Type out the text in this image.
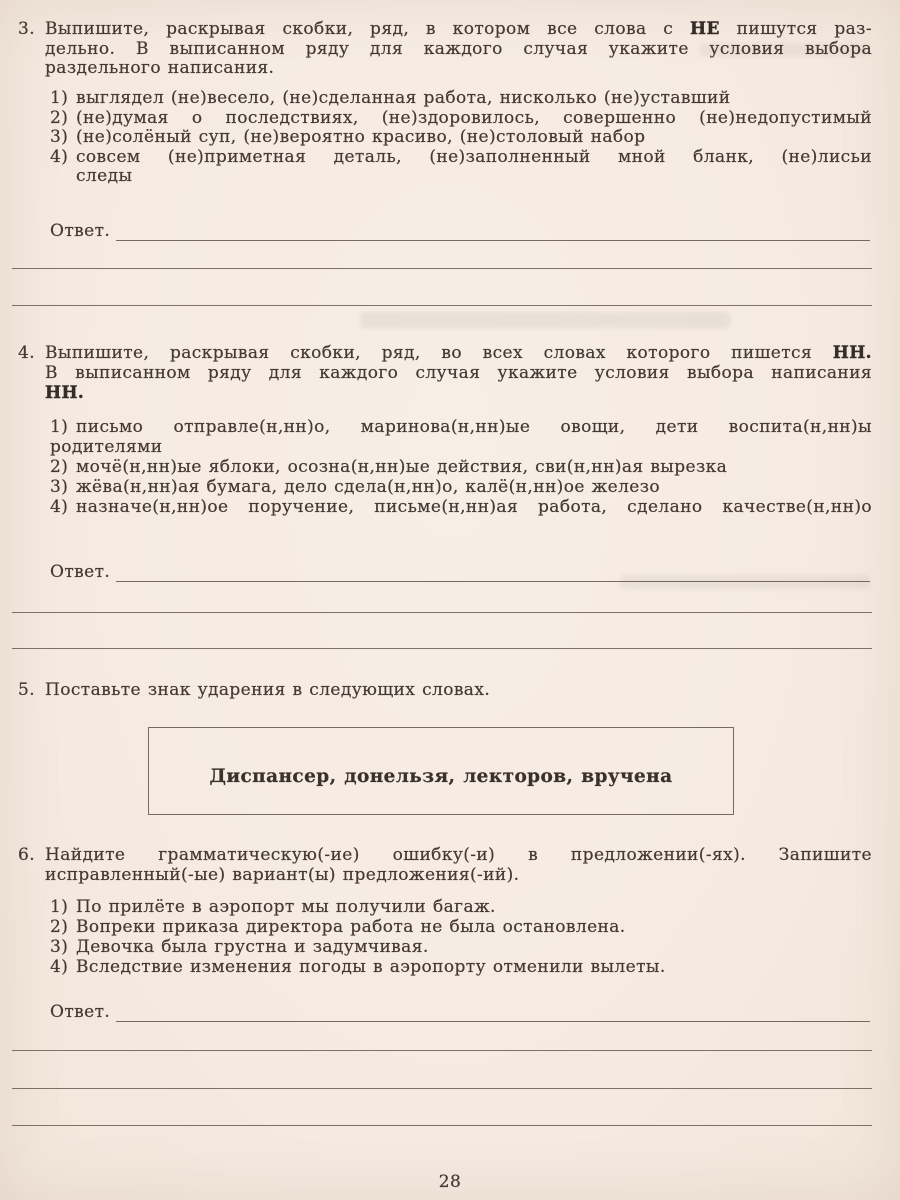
3. Выпишите, раскрывая скобки, ряд, в котором все слова с НЕ пишутся раз-
дельно. В выписанном ряду для каждого случая укажите условия выбора
раздельного написания.
1) выглядел (не)весело, (не)сделанная работа, нисколько (не)уставший
2) (не)думая о последствиях, (не)здоровилось, совершенно (не)недопустимый
3) (не)солёный суп, (не)вероятно красиво, (не)столовый набор
4) совсем (не)приметная деталь, (не)заполненный мной бланк, (не)лисьи
следы
Ответ.
4. Выпишите, раскрывая скобки, ряд, во всех словах которого пишется НН.
В выписанном ряду для каждого случая укажите условия выбора написания
НН.
1) письмо отправле(н,нн)о, маринова(н,нн)ые овощи, дети воспита(н,нн)ы
родителями
2) мочё(н,нн)ые яблоки, осозна(н,нн)ые действия, сви(н,нн)ая вырезка
3) жёва(н,нн)ая бумага, дело сдела(н,нн)о, калё(н,нн)ое железо
4) назначе(н,нн)ое поручение, письме(н,нн)ая работа, сделано качестве(н,нн)о
Ответ.
5. Поставьте знак ударения в следующих словах.
Диспансер, донельзя, лекторов, вручена
6. Найдите грамматическую(-ие) ошибку(-и) в предложении(-ях). Запишите
исправленный(-ые) вариант(ы) предложения(-ий).
1) По прилёте в аэропорт мы получили багаж.
2) Вопреки приказа директора работа не была остановлена.
3) Девочка была грустна и задумчивая.
4) Вследствие изменения погоды в аэропорту отменили вылеты.
Ответ.
28
